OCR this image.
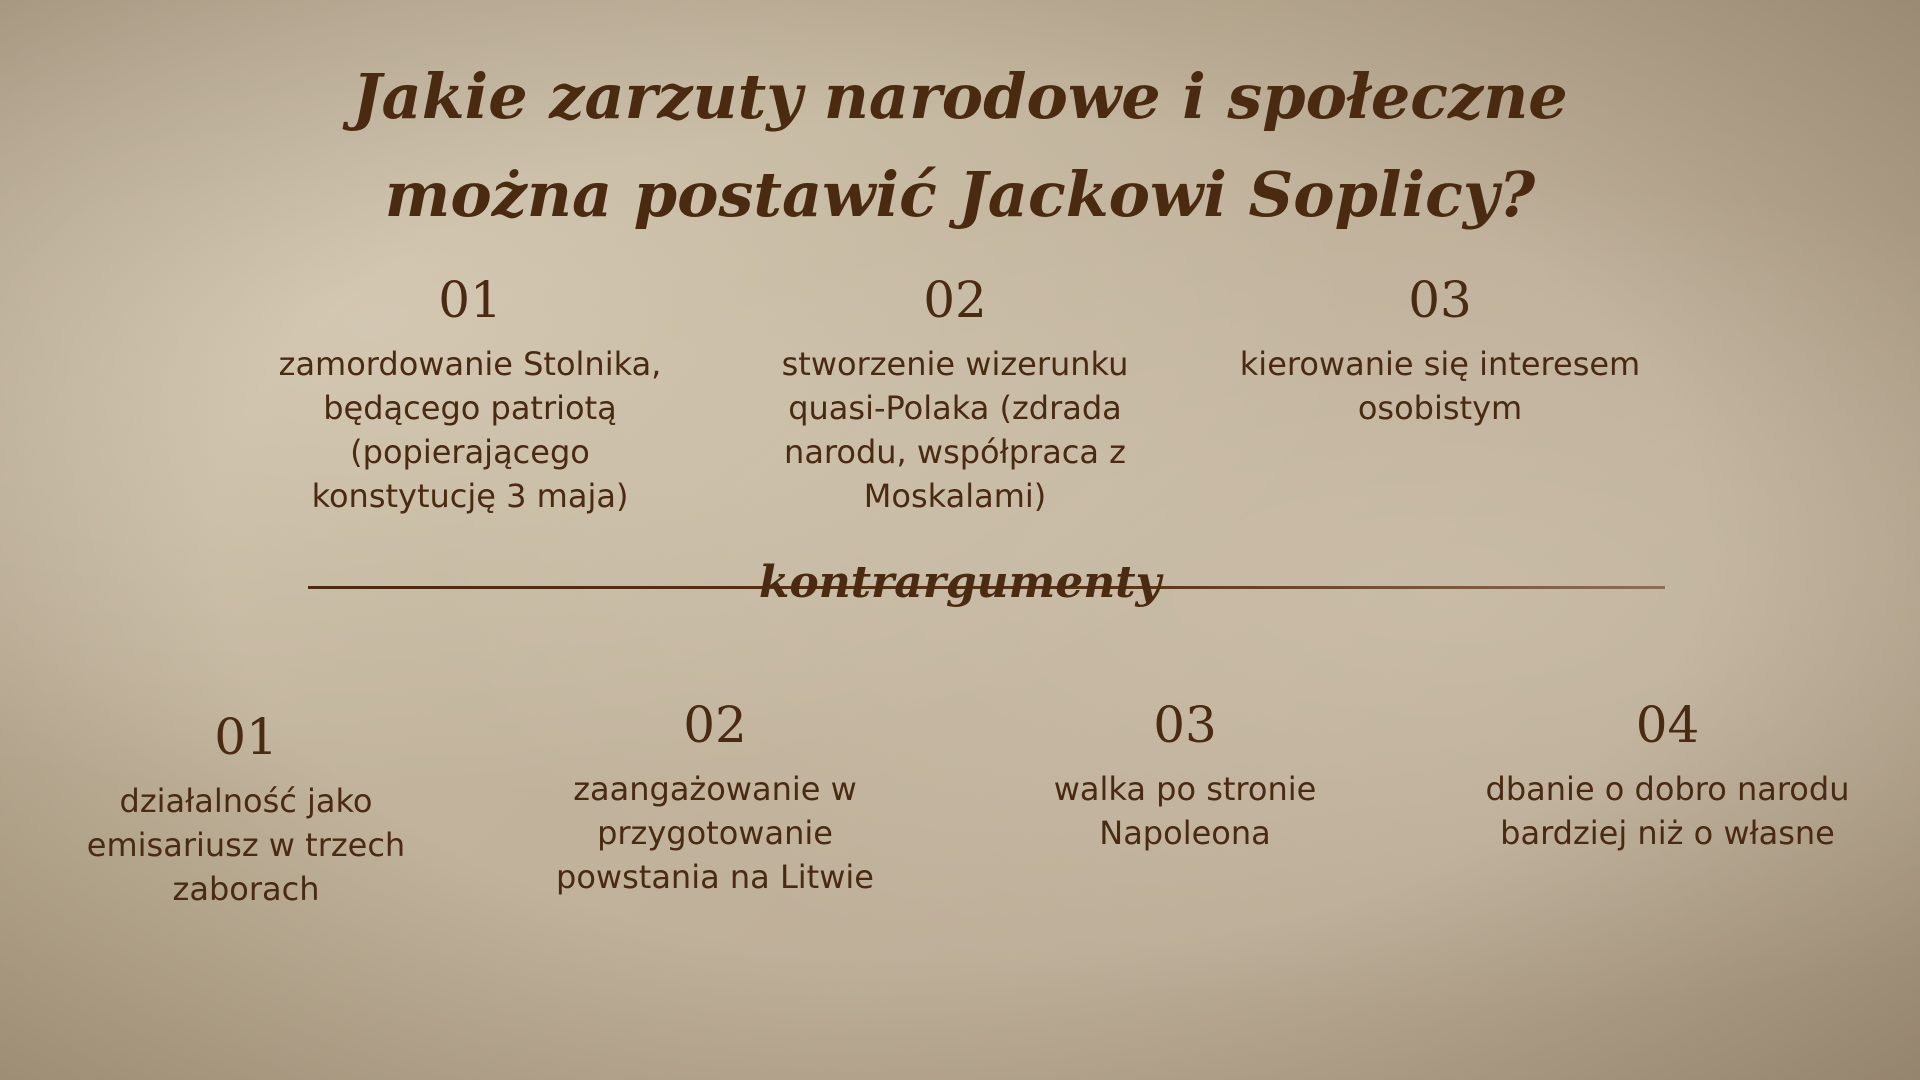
Jakie zarzuty narodowe i społeczne
można postawić Jackowi Soplicy?
01
zamordowanie Stolnika, będącego patriotą (popierającego konstytucję 3 maja)
02
stworzenie wizerunku quasi-Polaka (zdrada narodu, współpraca z Moskalami)
03
kierowanie się interesem osobistym
kontrargumenty
01
działalność jako emisariusz w trzech zaborach
02
zaangażowanie w przygotowanie powstania na Litwie
03
walka po stronie Napoleona
04
dbanie o dobro narodu bardziej niż o własne
